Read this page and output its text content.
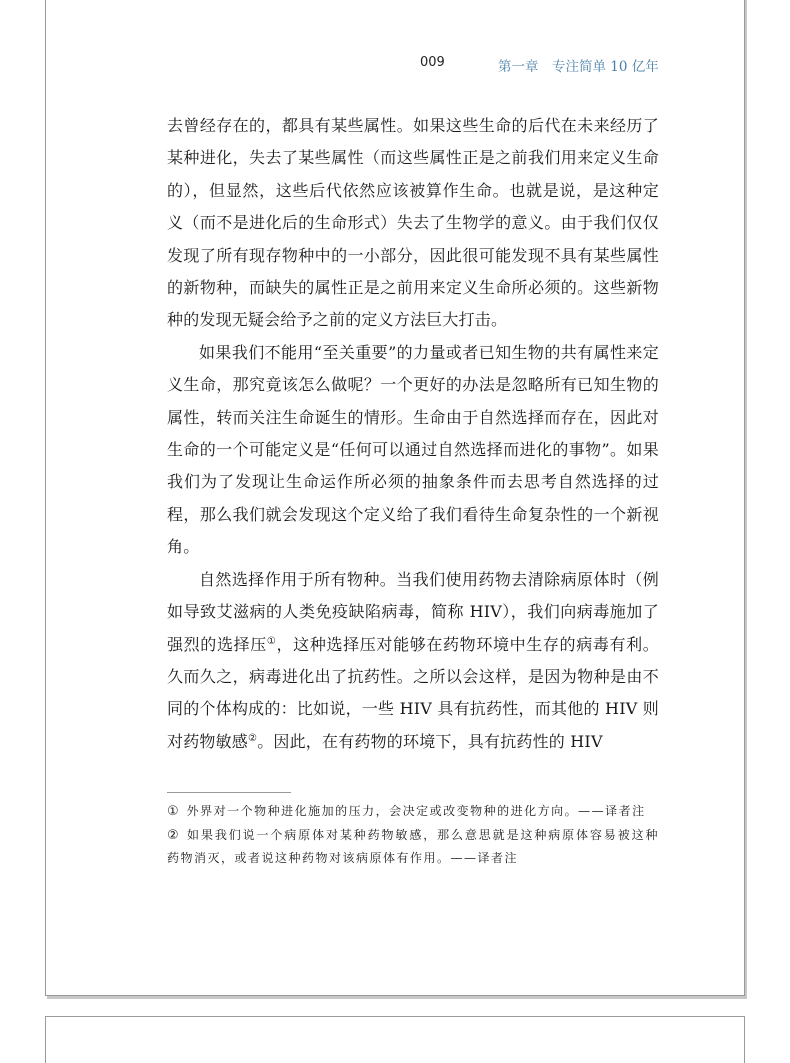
009	第一章　专注简单 10 亿年

去曾经存在的，都具有某些属性。如果这些生命的后代在未来经历了某种进化，失去了某些属性（而这些属性正是之前我们用来定义生命的），但显然，这些后代依然应该被算作生命。也就是说，是这种定义（而不是进化后的生命形式）失去了生物学的意义。由于我们仅仅发现了所有现存物种中的一小部分，因此很可能发现不具有某些属性的新物种，而缺失的属性正是之前用来定义生命所必须的。这些新物种的发现无疑会给予之前的定义方法巨大打击。

如果我们不能用“至关重要”的力量或者已知生物的共有属性来定义生命，那究竟该怎么做呢？一个更好的办法是忽略所有已知生物的属性，转而关注生命诞生的情形。生命由于自然选择而存在，因此对生命的一个可能定义是“任何可以通过自然选择而进化的事物”。如果我们为了发现让生命运作所必须的抽象条件而去思考自然选择的过程，那么我们就会发现这个定义给了我们看待生命复杂性的一个新视角。

自然选择作用于所有物种。当我们使用药物去清除病原体时（例如导致艾滋病的人类免疫缺陷病毒，简称 HIV），我们向病毒施加了强烈的选择压①，这种选择压对能够在药物环境中生存的病毒有利。久而久之，病毒进化出了抗药性。之所以会这样，是因为物种是由不同的个体构成的：比如说，一些 HIV 具有抗药性，而其他的 HIV 则对药物敏感②。因此，在有药物的环境下，具有抗药性的 HIV

① 外界对一个物种进化施加的压力，会决定或改变物种的进化方向。——译者注

② 如果我们说一个病原体对某种药物敏感，那么意思就是这种病原体容易被这种药物消灭，或者说这种药物对该病原体有作用。——译者注
